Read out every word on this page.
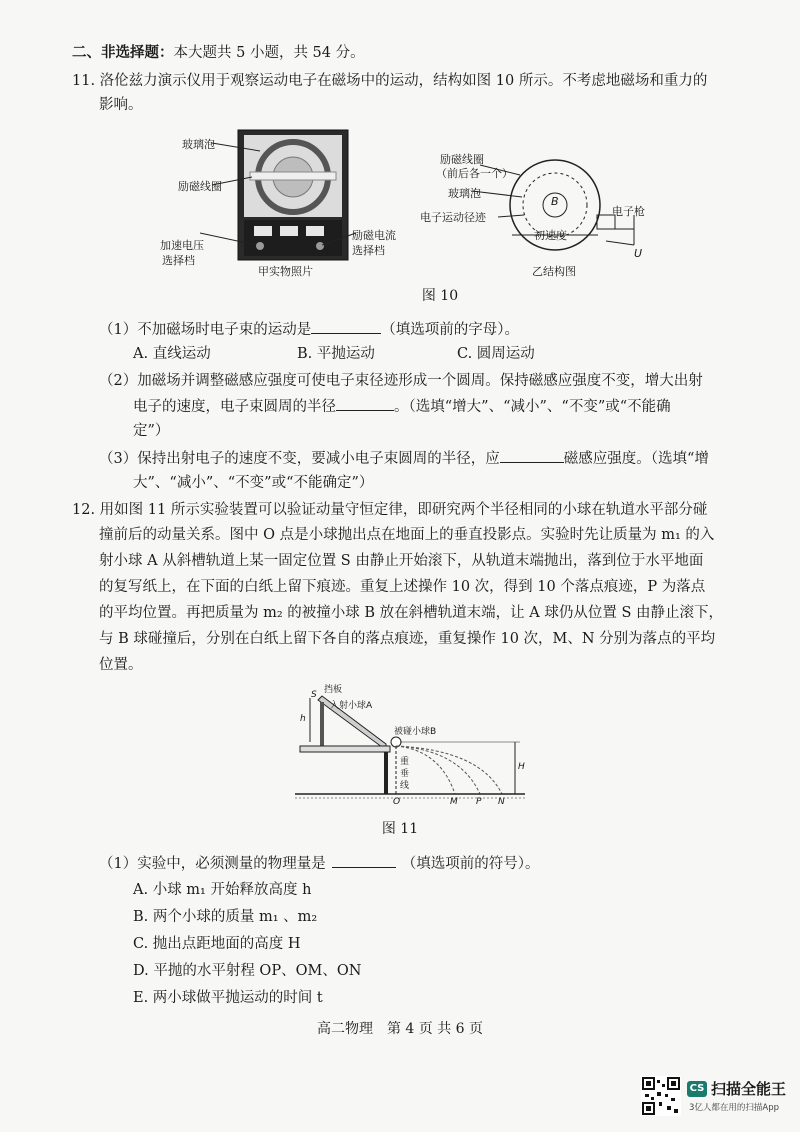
二、非选择题：本大题共 5 小题，共 54 分。
11. 洛伦兹力演示仪用于观察运动电子在磁场中的运动，结构如图 10 所示。不考虑地磁场和重力的
影响。
玻璃泡
励磁线圈
加速电压
选择档
励磁电流
选择档
甲实物照片
励磁线圈
（前后各一个）
玻璃泡
电子运动径迹	电子枪
初速度
B
U
乙结构图
图 10
（1）不加磁场时电子束的运动是	（填选项前的字母）。
A. 直线运动	B. 平抛运动	C. 圆周运动
（2）加磁场并调整磁感应强度可使电子束径迹形成一个圆周。保持磁感应强度不变，增大出射
电子的速度，电子束圆周的半径	。（选填“增大”、“减小”、“不变”或“不能确
定”）
（3）保持出射电子的速度不变，要减小电子束圆周的半径，应	磁感应强度。（选填“增
大”、“减小”、“不变”或“不能确定”）
12. 用如图 11 所示实验装置可以验证动量守恒定律，即研究两个半径相同的小球在轨道水平部分碰
撞前后的动量关系。图中 O 点是小球抛出点在地面上的垂直投影点。实验时先让质量为 m₁ 的入
射小球 A 从斜槽轨道上某一固定位置 S 由静止开始滚下，从轨道末端抛出，落到位于水平地面
的复写纸上，在下面的白纸上留下痕迹。重复上述操作 10 次，得到 10 个落点痕迹，P 为落点
的平均位置。再把质量为 m₂ 的被撞小球 B 放在斜槽轨道末端，让 A 球仍从位置 S 由静止滚下，
与 B 球碰撞后，分别在白纸上留下各自的落点痕迹，重复操作 10 次，M、N 分别为落点的平均
位置。
挡板
入射小球A
被碰小球B
S
h
重
垂
线
H
O	M P N
图 11
（1）实验中，必须测量的物理量是	（填选项前的符号）。
A. 小球 m₁ 开始释放高度 h
B. 两个小球的质量 m₁ 、m₂
C. 抛出点距地面的高度 H
D. 平抛的水平射程 OP、OM、ON
E. 两小球做平抛运动的时间 t
高二物理　第 4 页 共 6 页
CS 扫描全能王
3亿人都在用的扫描App
